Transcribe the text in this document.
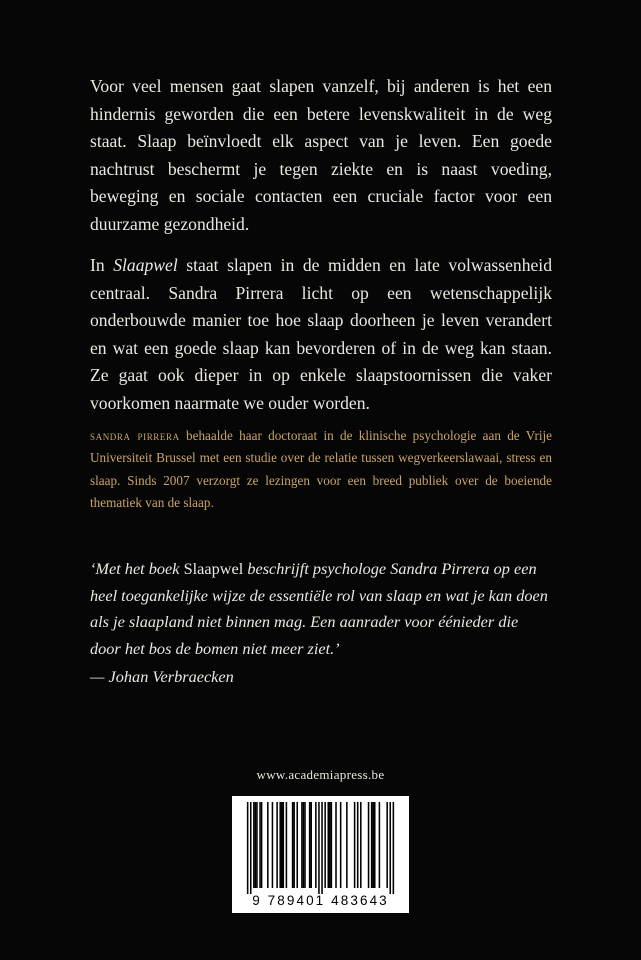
Voor veel mensen gaat slapen vanzelf, bij anderen is het een hindernis geworden die een betere levenskwaliteit in de weg staat. Slaap beïnvloedt elk aspect van je leven. Een goede nachtrust beschermt je tegen ziekte en is naast voeding, beweging en sociale contacten een cruciale factor voor een duurzame gezondheid.

In Slaapwel staat slapen in de midden en late volwassenheid centraal. Sandra Pirrera licht op een wetenschappelijk onderbouwde manier toe hoe slaap doorheen je leven verandert en wat een goede slaap kan bevorderen of in de weg kan staan. Ze gaat ook dieper in op enkele slaapstoornissen die vaker voorkomen naarmate we ouder worden.

sandra pirrera behaalde haar doctoraat in de klinische psychologie aan de Vrije Universiteit Brussel met een studie over de relatie tussen wegverkeerslawaai, stress en slaap. Sinds 2007 verzorgt ze lezingen voor een breed publiek over de boeiende thematiek van de slaap.
‘Met het boek Slaapwel beschrijft psychologe Sandra Pirrera op een heel toegankelijke wijze de essentiële rol van slaap en wat je kan doen als je slaapland niet binnen mag. Een aanrader voor éénieder die door het bos de bomen niet meer ziet.’
— Johan Verbraecken
www.academiapress.be
9 789401 483643
